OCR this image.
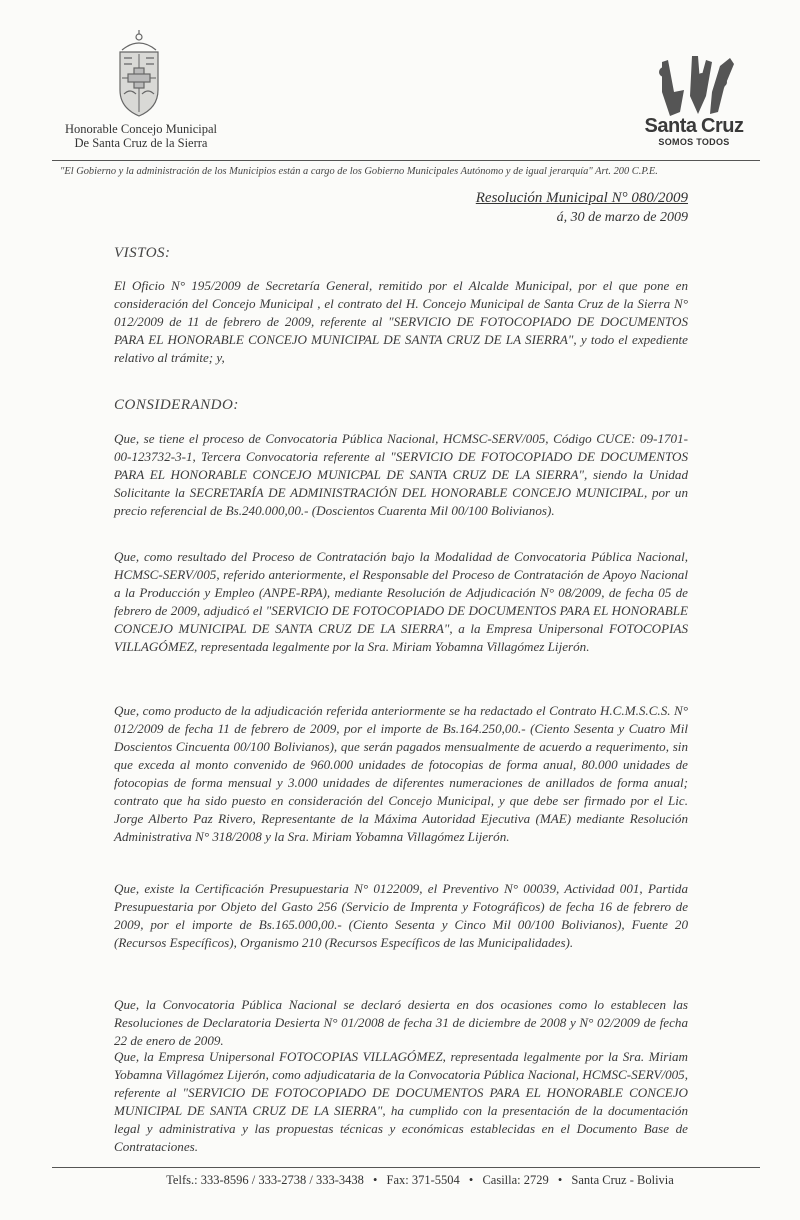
Honorable Concejo Municipal
De Santa Cruz de la Sierra
Santa Cruz
SOMOS TODOS
"El Gobierno y la administración de los Municipios están a cargo de los Gobierno Municipales Autónomo y de igual jerarquía" Art. 200 C.P.E.
Resolución Municipal N° 080/2009
á, 30 de marzo de 2009
VISTOS:
El Oficio N° 195/2009 de Secretaría General, remitido por el Alcalde Municipal, por el que pone en consideración del Concejo Municipal , el contrato del H. Concejo Municipal de Santa Cruz de la Sierra N° 012/2009 de 11 de febrero de 2009, referente al "SERVICIO DE FOTOCOPIADO DE DOCUMENTOS PARA EL HONORABLE CONCEJO MUNICIPAL DE SANTA CRUZ DE LA SIERRA", y todo el expediente relativo al trámite; y,
CONSIDERANDO:
Que, se tiene el proceso de Convocatoria Pública Nacional, HCMSC-SERV/005, Código CUCE: 09-1701-00-123732-3-1, Tercera Convocatoria referente al "SERVICIO DE FOTOCOPIADO DE DOCUMENTOS PARA EL HONORABLE CONCEJO MUNICPAL DE SANTA CRUZ DE LA SIERRA", siendo la Unidad Solicitante la SECRETARÍA DE ADMINISTRACIÓN DEL HONORABLE CONCEJO MUNICIPAL, por un precio referencial de Bs.240.000,00.- (Doscientos Cuarenta Mil 00/100 Bolivianos).
Que, como resultado del Proceso de Contratación bajo la Modalidad de Convocatoria Pública Nacional, HCMSC-SERV/005, referido anteriormente, el Responsable del Proceso de Contratación de Apoyo Nacional a la Producción y Empleo (ANPE-RPA), mediante Resolución de Adjudicación N° 08/2009, de fecha 05 de febrero de 2009, adjudicó el "SERVICIO DE FOTOCOPIADO DE DOCUMENTOS PARA EL HONORABLE CONCEJO MUNICIPAL DE SANTA CRUZ DE LA SIERRA", a la Empresa Unipersonal FOTOCOPIAS VILLAGÓMEZ, representada legalmente por la Sra. Miriam Yobamna Villagómez Lijerón.
Que, como producto de la adjudicación referida anteriormente se ha redactado el Contrato H.C.M.S.C.S. N° 012/2009 de fecha 11 de febrero de 2009, por el importe de Bs.164.250,00.- (Ciento Sesenta y Cuatro Mil Doscientos Cincuenta 00/100 Bolivianos), que serán pagados mensualmente de acuerdo a requerimento, sin que exceda al monto convenido de 960.000 unidades de fotocopias de forma anual, 80.000 unidades de fotocopias de forma mensual y 3.000 unidades de diferentes numeraciones de anillados de forma anual; contrato que ha sido puesto en consideración del Concejo Municipal, y que debe ser firmado por el Lic. Jorge Alberto Paz Rivero, Representante de la Máxima Autoridad Ejecutiva (MAE) mediante Resolución Administrativa N° 318/2008 y la Sra. Miriam Yobamna Villagómez Lijerón.
Que, existe la Certificación Presupuestaria N° 0122009, el Preventivo N° 00039, Actividad 001, Partida Presupuestaria por Objeto del Gasto 256 (Servicio de Imprenta y Fotográficos) de fecha 16 de febrero de 2009, por el importe de Bs.165.000,00.- (Ciento Sesenta y Cinco Mil 00/100 Bolivianos), Fuente 20 (Recursos Específicos), Organismo 210 (Recursos Específicos de las Municipalidades).
Que, la Convocatoria Pública Nacional se declaró desierta en dos ocasiones como lo establecen las Resoluciones de Declaratoria Desierta N° 01/2008 de fecha 31 de diciembre de 2008 y N° 02/2009 de fecha 22 de enero de 2009.
Que, la Empresa Unipersonal FOTOCOPIAS VILLAGÓMEZ, representada legalmente por la Sra. Miriam Yobamna Villagómez Lijerón, como adjudicataria de la Convocatoria Pública Nacional, HCMSC-SERV/005, referente al "SERVICIO DE FOTOCOPIADO DE DOCUMENTOS PARA EL HONORABLE CONCEJO MUNICIPAL DE SANTA CRUZ DE LA SIERRA", ha cumplido con la presentación de la documentación legal y administrativa y las propuestas técnicas y económicas establecidas en el Documento Base de Contrataciones.
Telfs.: 333-8596 / 333-2738 / 333-3438 • Fax: 371-5504 • Casilla: 2729 • Santa Cruz - Bolivia
